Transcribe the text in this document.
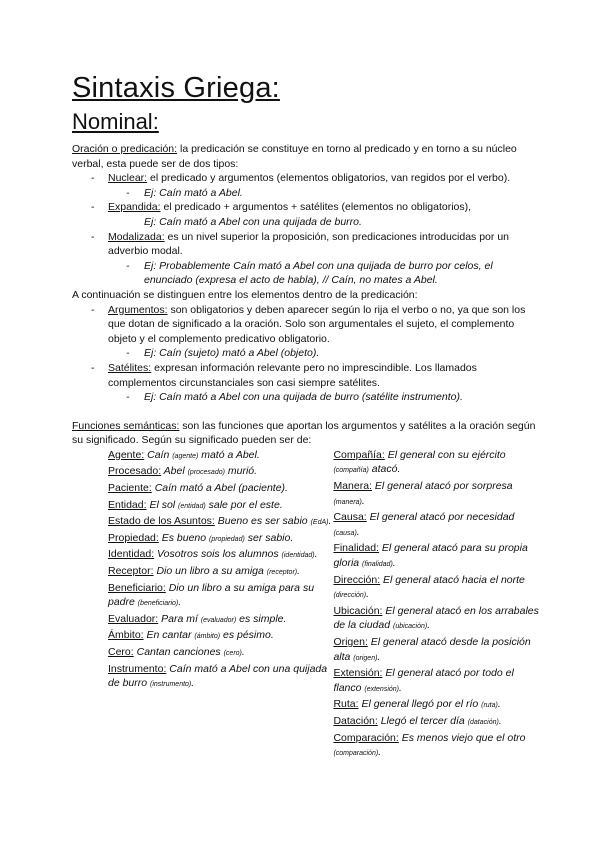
Sintaxis Griega:
Nominal:

Oración o predicación: la predicación se constituye en torno al predicado y en torno a su núcleo verbal, esta puede ser de dos tipos:

- Nuclear: el predicado y argumentos (elementos obligatorios, van regidos por el verbo).
- Ej: Caín mató a Abel.
- Expandida: el predicado + argumentos + satélites (elementos no obligatorios),
Ej: Caín mató a Abel con una quijada de burro.
- Modalizada: es un nivel superior la proposición, son predicaciones introducidas por un adverbio modal.
- Ej: Probablemente Caín mató a Abel con una quijada de burro por celos, el enunciado (expresa el acto de habla), // Caín, no mates a Abel.

A continuación se distinguen entre los elementos dentro de la predicación:

- Argumentos: son obligatorios y deben aparecer según lo rija el verbo o no, ya que son los que dotan de significado a la oración. Solo son argumentales el sujeto, el complemento objeto y el complemento predicativo obligatorio.
- Ej: Caín (sujeto) mató a Abel (objeto).
- Satélites: expresan información relevante pero no imprescindible. Los llamados complementos circunstanciales son casi siempre satélites.
- Ej: Caín mató a Abel con una quijada de burro (satélite instrumento).

Funciones semánticas: son las funciones que aportan los argumentos y satélites a la oración según su significado. Según su significado pueden ser de:

Agente: Caín (agente) mató a Abel.

Procesado: Abel (procesado) murió.

Paciente: Caín mató a Abel (paciente).

Entidad: El sol (entidad) sale por el este.

Estado de los Asuntos: Bueno es ser sabio (EdA).

Propiedad: Es bueno (propiedad) ser sabio.

Identidad: Vosotros sois los alumnos (identidad).

Receptor: Dio un libro a su amiga (receptor).

Beneficiario: Dio un libro a su amiga para su padre (beneficiario).

Evaluador: Para mí (evaluador) es simple.

Ámbito: En cantar (ámbito) es pésimo.

Cero: Cantan canciones (cero).

Instrumento: Caín mató a Abel con una quijada de burro (instrumento).

Compañía: El general con su ejército (compañía) atacó.

Manera: El general atacó por sorpresa (manera).

Causa: El general atacó por necesidad (causa).

Finalidad: El general atacó para su propia gloria (finalidad).

Dirección: El general atacó hacia el norte (dirección).

Ubicación: El general atacó en los arrabales de la ciudad (ubicación).

Origen: El general atacó desde la posición alta (origen).

Extensión: El general atacó por todo el flanco (extensión).

Ruta: El general llegó por el río (ruta).

Datación: Llegó el tercer día (datación).

Comparación: Es menos viejo que el otro (comparación).
